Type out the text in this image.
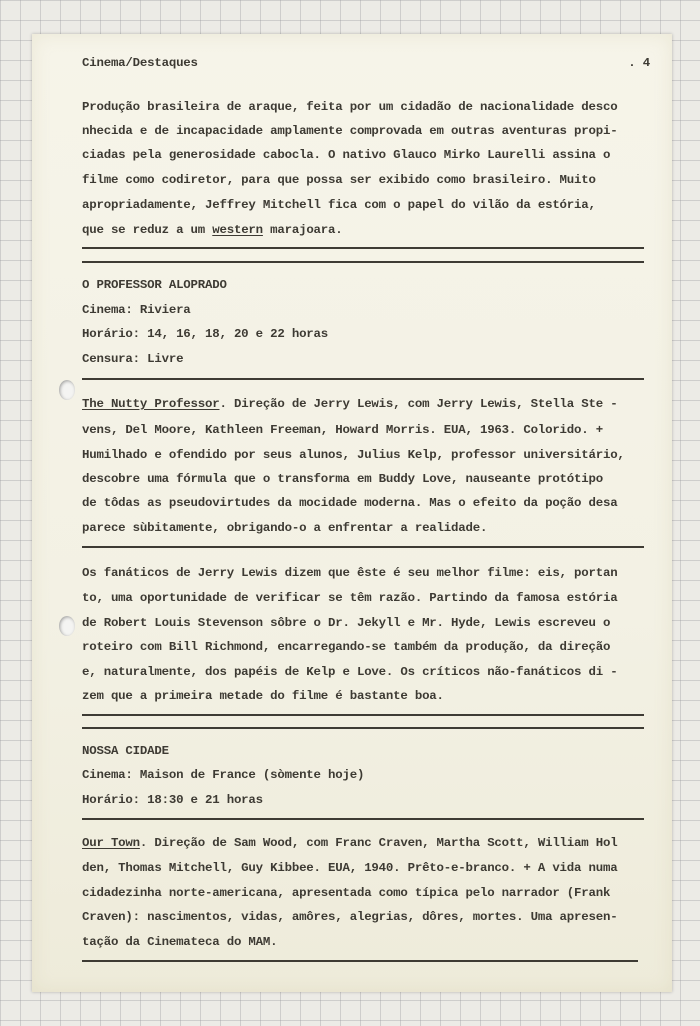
Cinema/Destaques	. 4
Produção brasileira de araque, feita por um cidadão de nacionalidade desco
nhecida e de incapacidade amplamente comprovada em outras aventuras propi-
ciadas pela generosidade cabocla. O nativo Glauco Mirko Laurelli assina o
filme como codiretor, para que possa ser exibido como brasileiro. Muito
apropriadamente, Jeffrey Mitchell fica com o papel do vilão da estória,
que se reduz a um western marajoara.
O PROFESSOR ALOPRADO
Cinema: Riviera
Horário: 14, 16, 18, 20 e 22 horas
Censura: Livre
The Nutty Professor. Direção de Jerry Lewis, com Jerry Lewis, Stella Ste -
vens, Del Moore, Kathleen Freeman, Howard Morris. EUA, 1963. Colorido. +
Humilhado e ofendido por seus alunos, Julius Kelp, professor universitário,
descobre uma fórmula que o transforma em Buddy Love, nauseante protótipo
de tôdas as pseudovirtudes da mocidade moderna. Mas o efeito da poção desa
parece sùbitamente, obrigando-o a enfrentar a realidade.
Os fanáticos de Jerry Lewis dizem que êste é seu melhor filme: eis, portan
to, uma oportunidade de verificar se têm razão. Partindo da famosa estória
de Robert Louis Stevenson sôbre o Dr. Jekyll e Mr. Hyde, Lewis escreveu o
roteiro com Bill Richmond, encarregando-se também da produção, da direção
e, naturalmente, dos papéis de Kelp e Love. Os críticos não-fanáticos di -
zem que a primeira metade do filme é bastante boa.
NOSSA CIDADE
Cinema: Maison de France (sòmente hoje)
Horário: 18:30 e 21 horas
Our Town. Direção de Sam Wood, com Franc Craven, Martha Scott, William Hol
den, Thomas Mitchell, Guy Kibbee. EUA, 1940. Prêto-e-branco. + A vida numa
cidadezinha norte-americana, apresentada como típica pelo narrador (Frank
Craven): nascimentos, vidas, amôres, alegrias, dôres, mortes. Uma apresen-
tação da Cinemateca do MAM.
